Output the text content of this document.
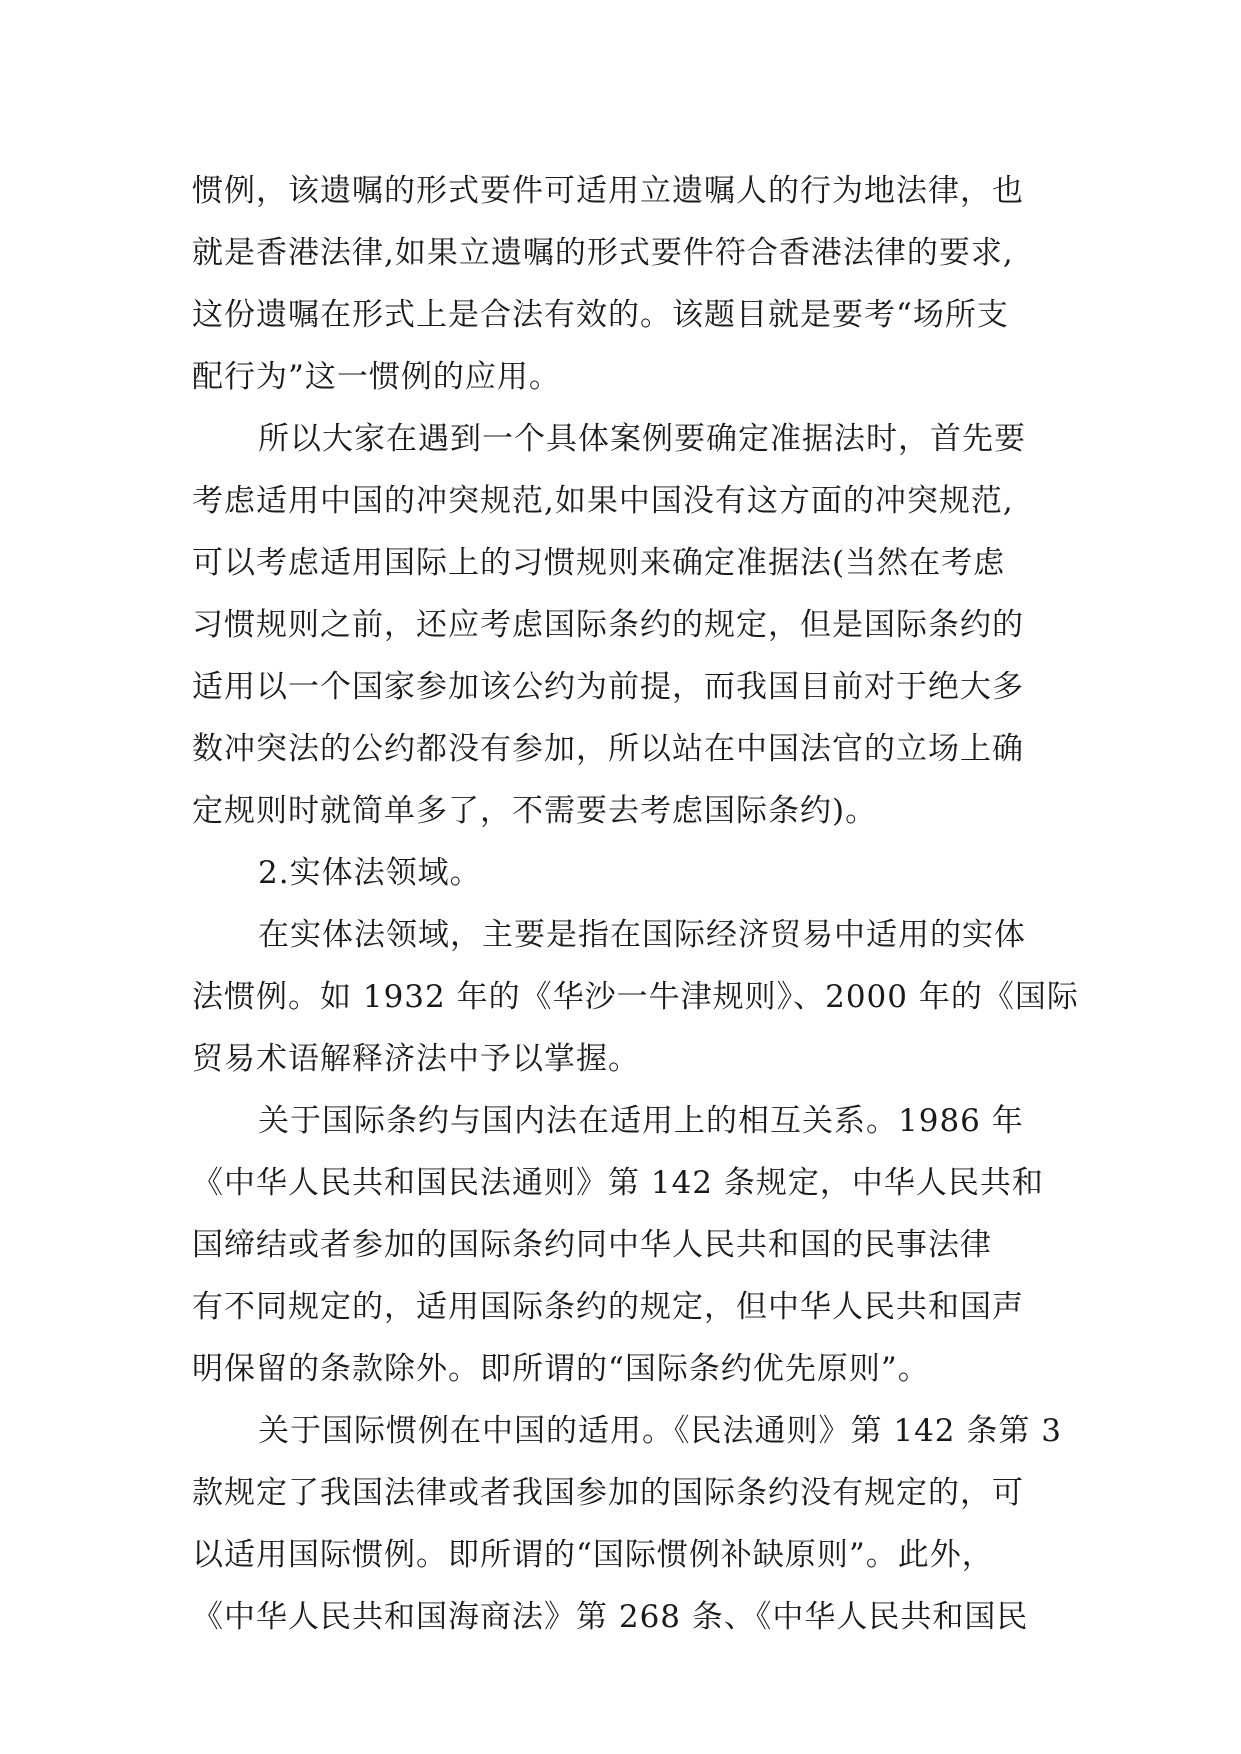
惯例，该遗嘱的形式要件可适用立遗嘱人的行为地法律，也
就是香港法律,如果立遗嘱的形式要件符合香港法律的要求,
这份遗嘱在形式上是合法有效的。该题目就是要考“场所支
配行为”这一惯例的应用。
所以大家在遇到一个具体案例要确定准据法时，首先要
考虑适用中国的冲突规范,如果中国没有这方面的冲突规范,
可以考虑适用国际上的习惯规则来确定准据法(当然在考虑
习惯规则之前，还应考虑国际条约的规定，但是国际条约的
适用以一个国家参加该公约为前提，而我国目前对于绝大多
数冲突法的公约都没有参加，所以站在中国法官的立场上确
定规则时就简单多了，不需要去考虑国际条约)。
2.实体法领域。
在实体法领域，主要是指在国际经济贸易中适用的实体
法惯例。如 1932 年的《华沙一牛津规则》、2000 年的《国际
贸易术语解释济法中予以掌握。
关于国际条约与国内法在适用上的相互关系。1986 年
《中华人民共和国民法通则》第 142 条规定，中华人民共和
国缔结或者参加的国际条约同中华人民共和国的民事法律
有不同规定的，适用国际条约的规定，但中华人民共和国声
明保留的条款除外。即所谓的“国际条约优先原则”。
关于国际惯例在中国的适用。《民法通则》第 142 条第 3
款规定了我国法律或者我国参加的国际条约没有规定的，可
以适用国际惯例。即所谓的“国际惯例补缺原则”。此外，
《中华人民共和国海商法》第 268 条、《中华人民共和国民
